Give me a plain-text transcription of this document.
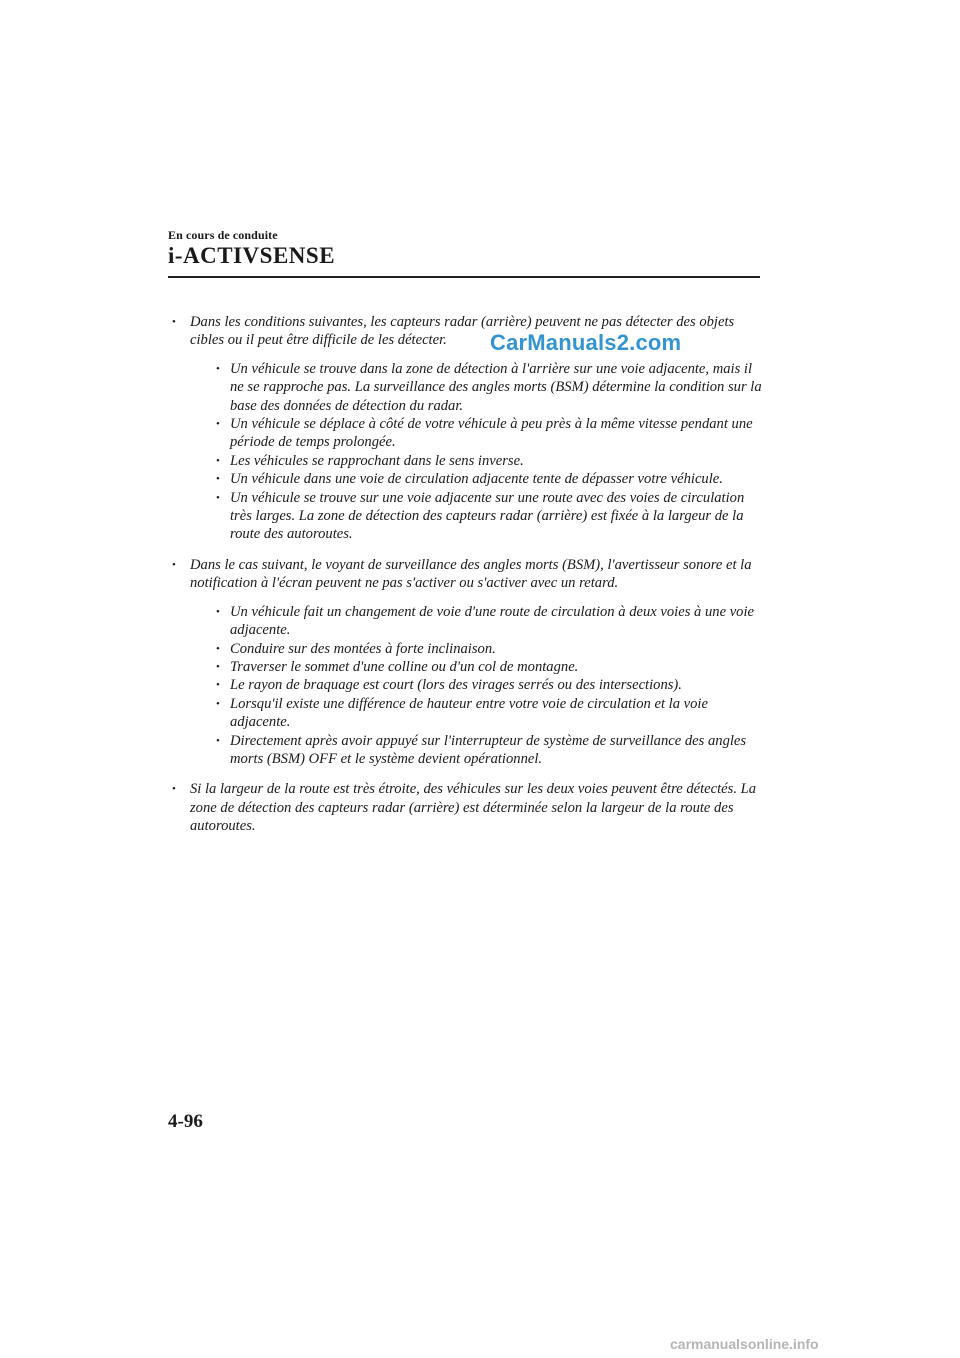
En cours de conduite
i-ACTIVSENSE
• Dans les conditions suivantes, les capteurs radar (arrière) peuvent ne pas détecter des objets cibles ou il peut être difficile de les détecter.
• Un véhicule se trouve dans la zone de détection à l'arrière sur une voie adjacente, mais il ne se rapproche pas. La surveillance des angles morts (BSM) détermine la condition sur la base des données de détection du radar.
• Un véhicule se déplace à côté de votre véhicule à peu près à la même vitesse pendant une période de temps prolongée.
• Les véhicules se rapprochant dans le sens inverse.
• Un véhicule dans une voie de circulation adjacente tente de dépasser votre véhicule.
• Un véhicule se trouve sur une voie adjacente sur une route avec des voies de circulation très larges. La zone de détection des capteurs radar (arrière) est fixée à la largeur de la route des autoroutes.
• Dans le cas suivant, le voyant de surveillance des angles morts (BSM), l'avertisseur sonore et la notification à l'écran peuvent ne pas s'activer ou s'activer avec un retard.
• Un véhicule fait un changement de voie d'une route de circulation à deux voies à une voie adjacente.
• Conduire sur des montées à forte inclinaison.
• Traverser le sommet d'une colline ou d'un col de montagne.
• Le rayon de braquage est court (lors des virages serrés ou des intersections).
• Lorsqu'il existe une différence de hauteur entre votre voie de circulation et la voie adjacente.
• Directement après avoir appuyé sur l'interrupteur de système de surveillance des angles morts (BSM) OFF et le système devient opérationnel.
• Si la largeur de la route est très étroite, des véhicules sur les deux voies peuvent être détectés. La zone de détection des capteurs radar (arrière) est déterminée selon la largeur de la route des autoroutes.
CarManuals2.com
4-96
carmanualsonline.info
